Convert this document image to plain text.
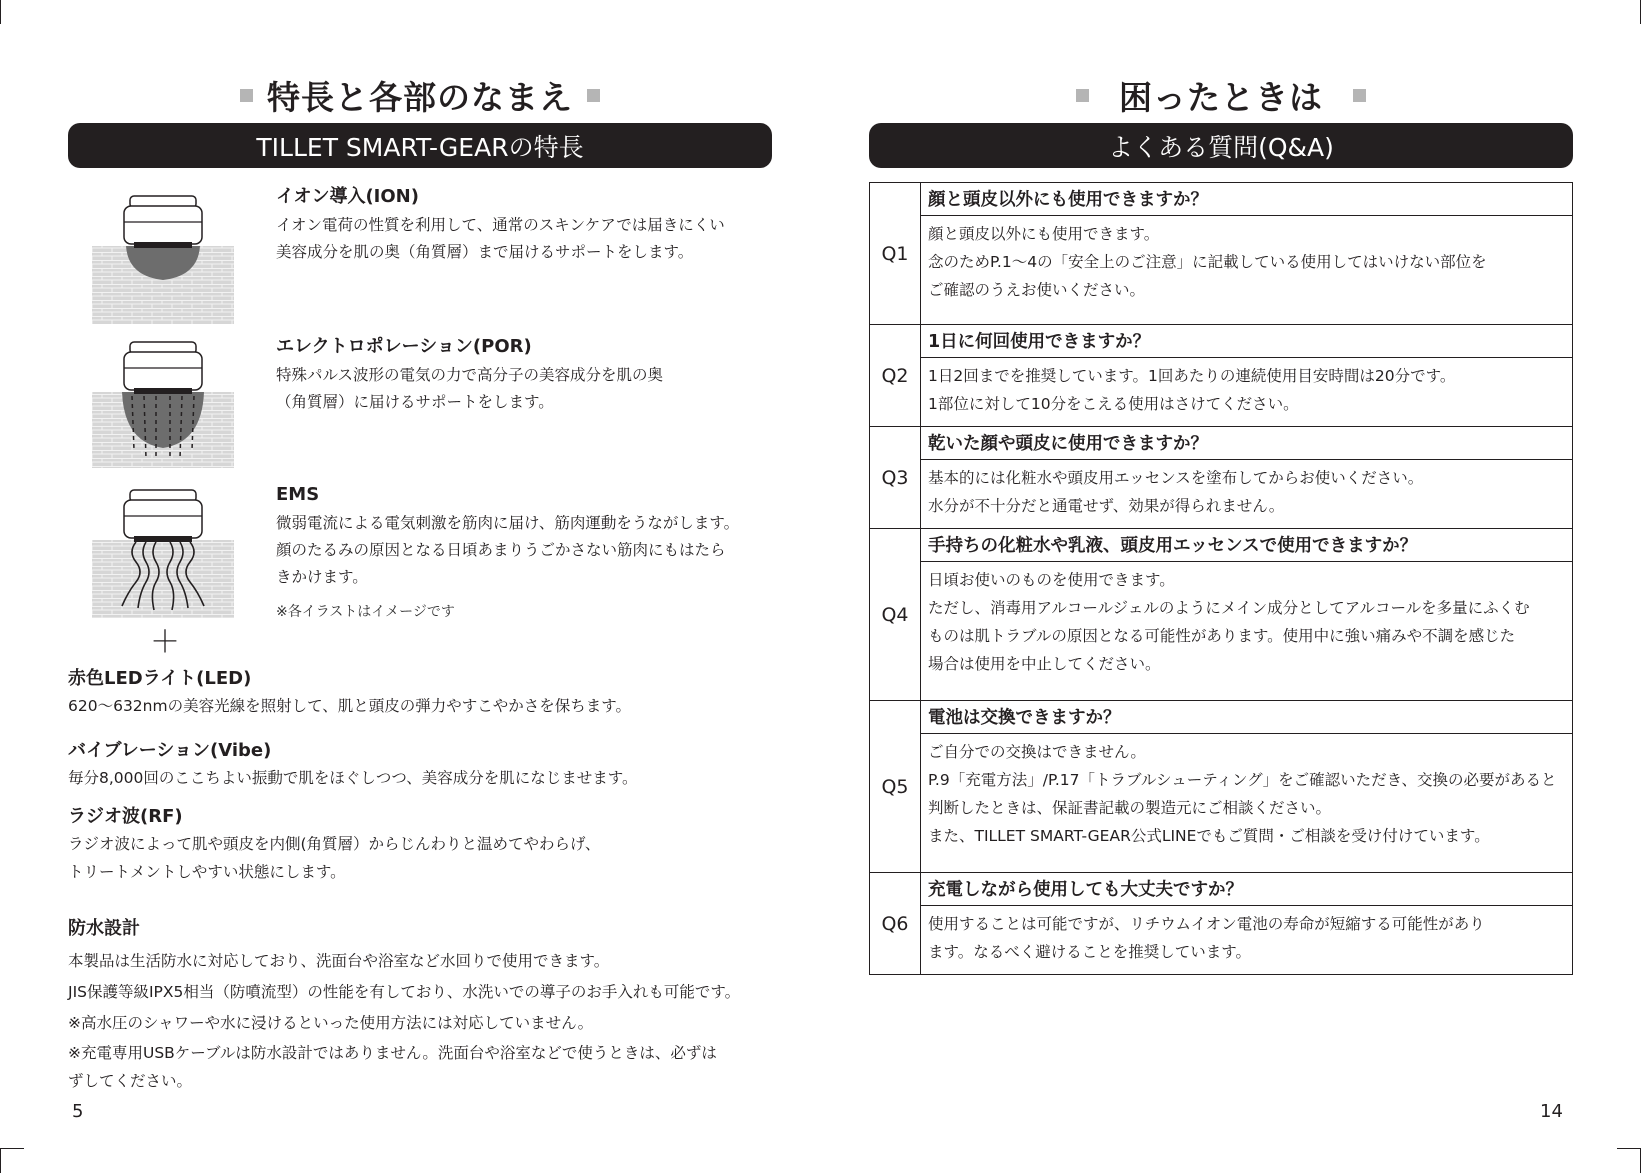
特長と各部のなまえ
TILLET SMART-GEARの特長
イオン導入(ION)
イオン電荷の性質を利用して、通常のスキンケアでは届きにくい
美容成分を肌の奥（角質層）まで届けるサポートをします。
エレクトロポレーション(POR)
特殊パルス波形の電気の力で高分子の美容成分を肌の奥
（角質層）に届けるサポートをします。
EMS
微弱電流による電気刺激を筋肉に届け、筋肉運動をうながします。
顔のたるみの原因となる日頃あまりうごかさない筋肉にもはたら
きかけます。
※各イラストはイメージです
＋
赤色LEDライト(LED)
620〜632nmの美容光線を照射して、肌と頭皮の弾力やすこやかさを保ちます。
バイブレーション(Vibe)
毎分8,000回のここちよい振動で肌をほぐしつつ、美容成分を肌になじませます。
ラジオ波(RF)
ラジオ波によって肌や頭皮を内側(角質層）からじんわりと温めてやわらげ、
トリートメントしやすい状態にします。
防水設計
本製品は生活防水に対応しており、洗面台や浴室など水回りで使用できます。
JIS保護等級IPX5相当（防噴流型）の性能を有しており、水洗いでの導子のお手入れも可能です。
※高水圧のシャワーや水に浸けるといった使用方法には対応していません。
※充電専用USBケーブルは防水設計ではありません。洗面台や浴室などで使うときは、必ずは
ずしてください。
5
困ったときは
よくある質問(Q&A)
Q1	顔と頭皮以外にも使用できますか？

	顔と頭皮以外にも使用できます。

念のためP.1〜4の「安全上のご注意」に記載している使用してはいけない部位を

ご確認のうえお使いください。

Q2	1日に何回使用できますか？

	1日2回までを推奨しています。1回あたりの連続使用目安時間は20分です。

1部位に対して10分をこえる使用はさけてください。

Q3	乾いた顔や頭皮に使用できますか？

	基本的には化粧水や頭皮用エッセンスを塗布してからお使いください。

水分が不十分だと通電せず、効果が得られません。

Q4	手持ちの化粧水や乳液、頭皮用エッセンスで使用できますか？

	日頃お使いのものを使用できます。

ただし、消毒用アルコールジェルのようにメイン成分としてアルコールを多量にふくむ

ものは肌トラブルの原因となる可能性があります。使用中に強い痛みや不調を感じた

場合は使用を中止してください。

Q5	電池は交換できますか？

	ご自分での交換はできません。

P.9「充電方法」/P.17「トラブルシューティング」をご確認いただき、交換の必要があると

判断したときは、保証書記載の製造元にご相談ください。

また、TILLET SMART-GEAR公式LINEでもご質問・ご相談を受け付けています。

Q6	充電しながら使用しても大丈夫ですか？

	使用することは可能ですが、リチウムイオン電池の寿命が短縮する可能性があり

ます。なるべく避けることを推奨しています。

14
